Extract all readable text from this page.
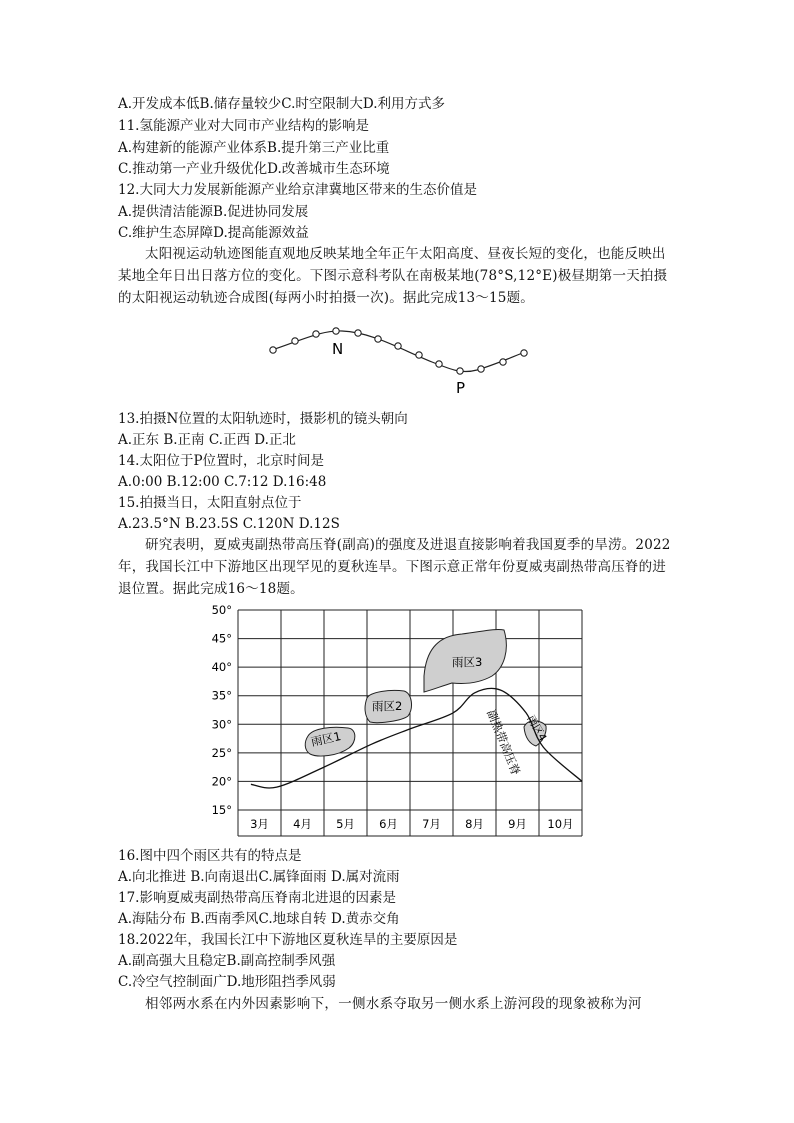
A.开发成本低B.储存量较少C.时空限制大D.利用方式多
11.氢能源产业对大同市产业结构的影响是
A.构建新的能源产业体系B.提升第三产业比重
C.推动第一产业升级优化D.改善城市生态环境
12.大同大力发展新能源产业给京津冀地区带来的生态价值是
A.提供清洁能源B.促进协同发展
C.维护生态屏障D.提高能源效益
太阳视运动轨迹图能直观地反映某地全年正午太阳高度、昼夜长短的变化，也能反映出某地全年日出日落方位的变化。下图示意科考队在南极某地(78°S,12°E)极昼期第一天拍摄的太阳视运动轨迹合成图(每两小时拍摄一次)。据此完成13～15题。
N
P
13.拍摄N位置的太阳轨迹时，摄影机的镜头朝向
A.正东 B.正南 C.正西 D.正北
14.太阳位于P位置时，北京时间是
A.0:00 B.12:00 C.7:12 D.16:48
15.拍摄当日，太阳直射点位于
A.23.5°N B.23.5S C.120N D.12S
研究表明，夏威夷副热带高压脊(副高)的强度及进退直接影响着我国夏季的旱涝。2022年，我国长江中下游地区出现罕见的夏秋连旱。下图示意正常年份夏威夷副热带高压脊的进退位置。据此完成16～18题。
雨区1
雨区2
雨区3
雨区4
副热带高压脊
50°
45°
40°
35°
30°
25°
20°
15°
3月 4月 5月 6月 7月 8月 9月 10月
16.图中四个雨区共有的特点是
A.向北推进 B.向南退出C.属锋面雨 D.属对流雨
17.影响夏威夷副热带高压脊南北进退的因素是
A.海陆分布 B.西南季风C.地球自转 D.黄赤交角
18.2022年，我国长江中下游地区夏秋连旱的主要原因是
A.副高强大且稳定B.副高控制季风强
C.冷空气控制面广D.地形阻挡季风弱
相邻两水系在内外因素影响下，一侧水系夺取另一侧水系上游河段的现象被称为河
